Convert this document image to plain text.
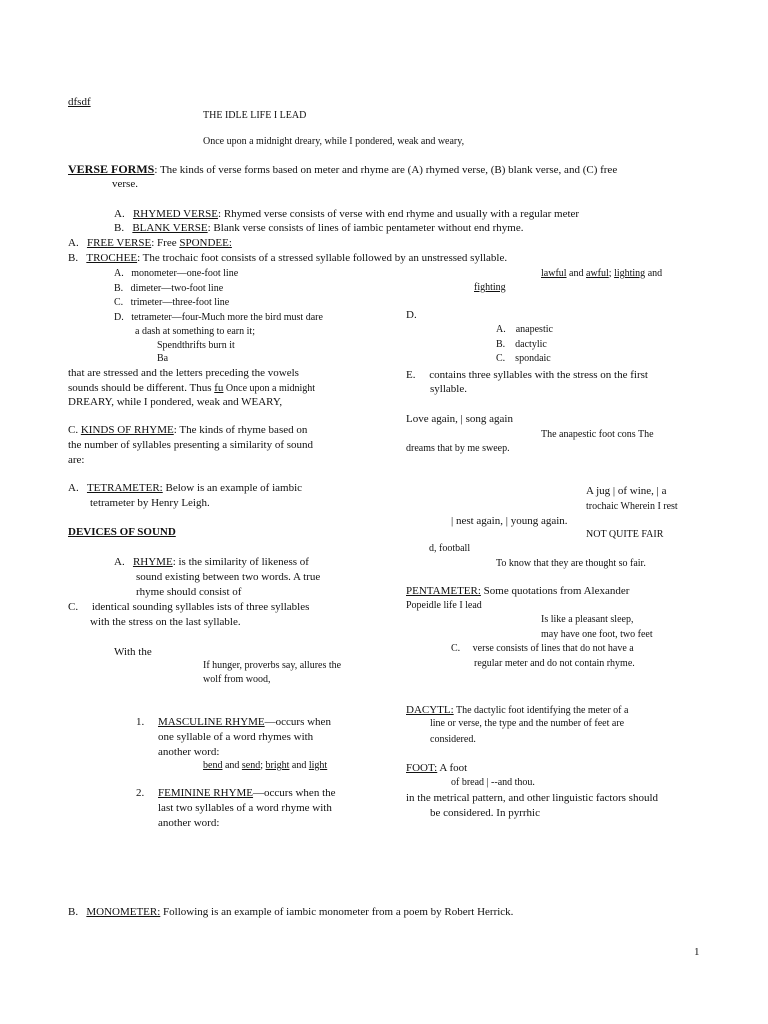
dfsdf
THE IDLE LIFE I LEAD
Once upon a midnight dreary, while I pondered, weak and weary,
VERSE FORMS: The kinds of verse forms based on meter and rhyme are (A) rhymed verse, (B) blank verse, and (C) free
verse.
A. RHYMED VERSE: Rhymed verse consists of verse with end rhyme and usually with a regular meter
B. BLANK VERSE: Blank verse consists of lines of iambic pentameter without end rhyme.
A. FREE VERSE: Free SPONDEE:
B. TROCHEE: The trochaic foot consists of a stressed syllable followed by an unstressed syllable.
A. monometer—one-foot line
B. dimeter—two-foot line
C. trimeter—three-foot line
D. tetrameter—four-Much more the bird must dare
a dash at something to earn it;
Spendthrifts burn it
Ba
that are stressed and the letters preceding the vowels
sounds should be different. Thus fu Once upon a midnight
DREARY, while I pondered, weak and WEARY,
C. KINDS OF RHYME: The kinds of rhyme based on
the number of syllables presenting a similarity of sound
are:
A. TETRAMETER: Below is an example of iambic
tetrameter by Henry Leigh.
DEVICES OF SOUND
A. RHYME: is the similarity of likeness of
sound existing between two words. A true
rhyme should consist of
C. identical sounding syllables ists of three syllables
with the stress on the last syllable.
With the
If hunger, proverbs say, allures the
wolf from wood,
1. MASCULINE RHYME—occurs when
one syllable of a word rhymes with
another word:
bend and send; bright and light
2. FEMININE RHYME—occurs when the
last two syllables of a word rhyme with
another word:
B. MONOMETER: Following is an example of iambic monometer from a poem by Robert Herrick.
lawful and awful; lighting and
fighting
D.
A. anapestic
B. dactylic
C. spondaic
E. contains three syllables with the stress on the first
syllable.
Love again, | song again
The anapestic foot cons The
dreams that by me sweep.
A jug | of wine, | a
trochaic Wherein I rest
| nest again, | young again.
NOT QUITE FAIR
d, football
To know that they are thought so fair.
PENTAMETER: Some quotations from Alexander
Popeidle life I lead
Is like a pleasant sleep,
may have one foot, two feet
C. verse consists of lines that do not have a
regular meter and do not contain rhyme.
DACYTL: The dactylic foot identifying the meter of a
line or verse, the type and the number of feet are
considered.
FOOT: A foot
of bread | --and thou.
in the metrical pattern, and other linguistic factors should
be considered. In pyrrhic
1
